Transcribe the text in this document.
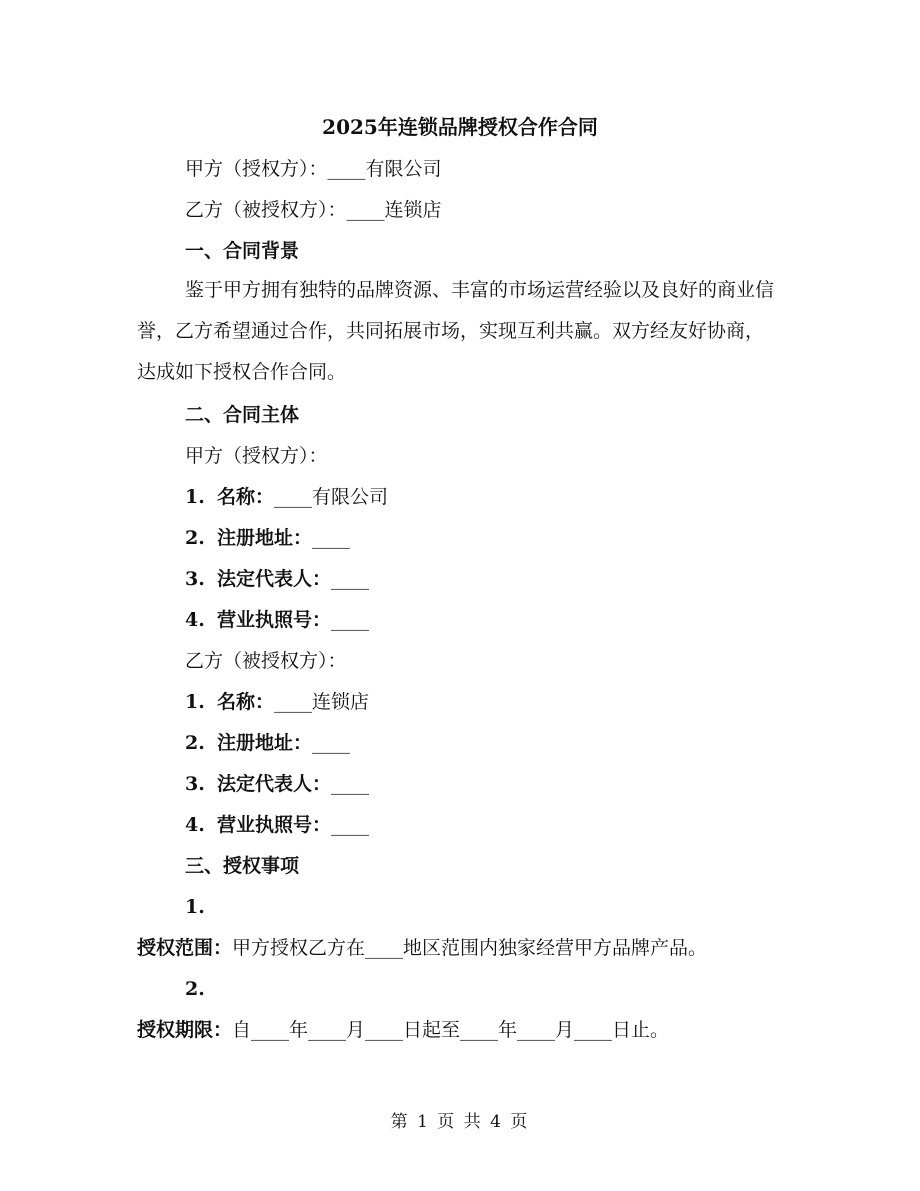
2025年连锁品牌授权合作合同
甲方（授权方）：____有限公司
乙方（被授权方）：____连锁店
一、合同背景
鉴于甲方拥有独特的品牌资源、丰富的市场运营经验以及良好的商业信誉，乙方希望通过合作，共同拓展市场，实现互利共赢。双方经友好协商，达成如下授权合作合同。
二、合同主体
甲方（授权方）：
1. 名称：____有限公司
2. 注册地址：____
3. 法定代表人：____
4. 营业执照号：____
乙方（被授权方）：
1. 名称：____连锁店
2. 注册地址：____
3. 法定代表人：____
4. 营业执照号：____
三、授权事项
1.
授权范围：甲方授权乙方在____地区范围内独家经营甲方品牌产品。
2.
授权期限：自____年____月____日起至____年____月____日止。
第 1 页 共 4 页
